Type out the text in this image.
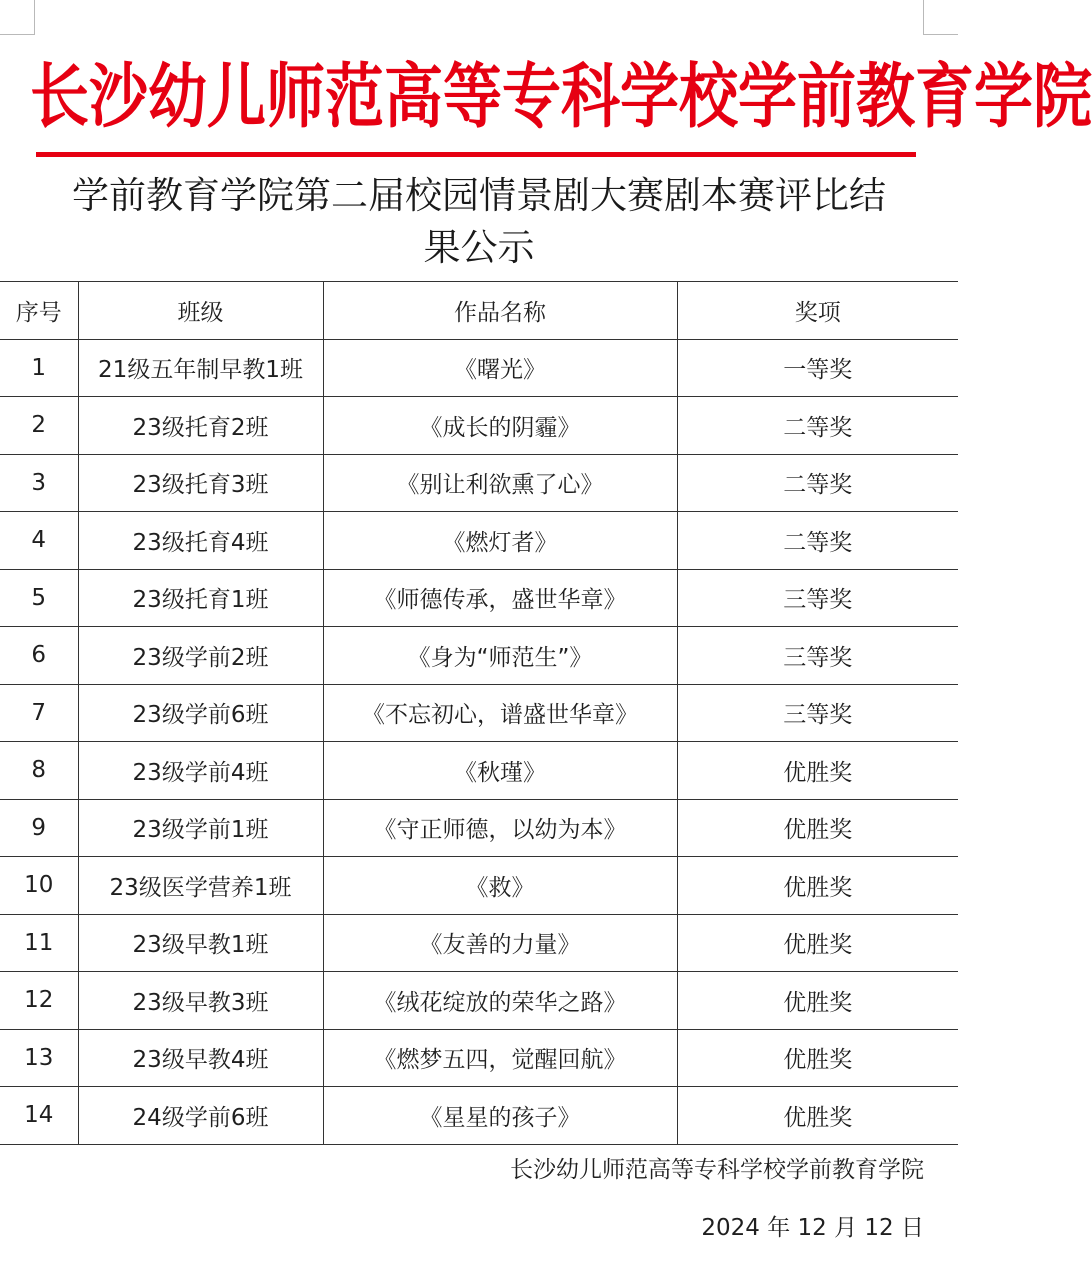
长沙幼儿师范高等专科学校学前教育学院
学前教育学院第二届校园情景剧大赛剧本赛评比结
果公示
序号	班级	作品名称	奖项
1	21级五年制早教1班	《曙光》	一等奖
2	23级托育2班	《成长的阴霾》	二等奖
3	23级托育3班	《别让利欲熏了心》	二等奖
4	23级托育4班	《燃灯者》	二等奖
5	23级托育1班	《师德传承，盛世华章》	三等奖
6	23级学前2班	《身为“师范生”》	三等奖
7	23级学前6班	《不忘初心，谱盛世华章》	三等奖
8	23级学前4班	《秋瑾》	优胜奖
9	23级学前1班	《守正师德，以幼为本》	优胜奖
10	23级医学营养1班	《救》	优胜奖
11	23级早教1班	《友善的力量》	优胜奖
12	23级早教3班	《绒花绽放的荣华之路》	优胜奖
13	23级早教4班	《燃梦五四，觉醒回航》	优胜奖
14	24级学前6班	《星星的孩子》	优胜奖
长沙幼儿师范高等专科学校学前教育学院
2024 年 12 月 12 日
